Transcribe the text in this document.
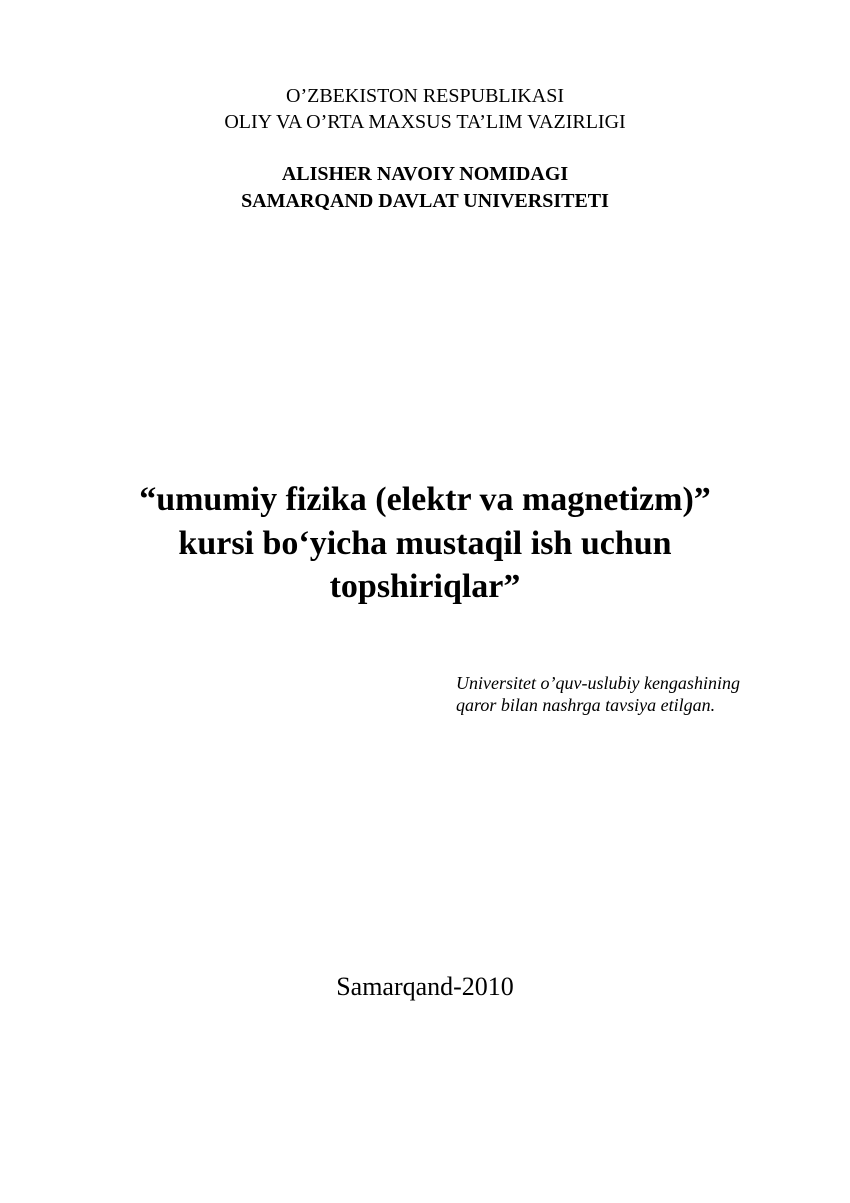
O’ZBEKISTON RESPUBLIKASI
OLIY VA O’RTA MAXSUS TA’LIM VAZIRLIGI
ALISHER NAVOIY NOMIDAGI
SAMARQAND DAVLAT UNIVERSITETI
“umumiy fizika (elektr va magnetizm)”
kursi bo‘yicha mustaqil ish uchun
topshiriqlar”
Universitet o’quv-uslubiy kengashining
qaror bilan nashrga tavsiya etilgan.
Samarqand-2010
